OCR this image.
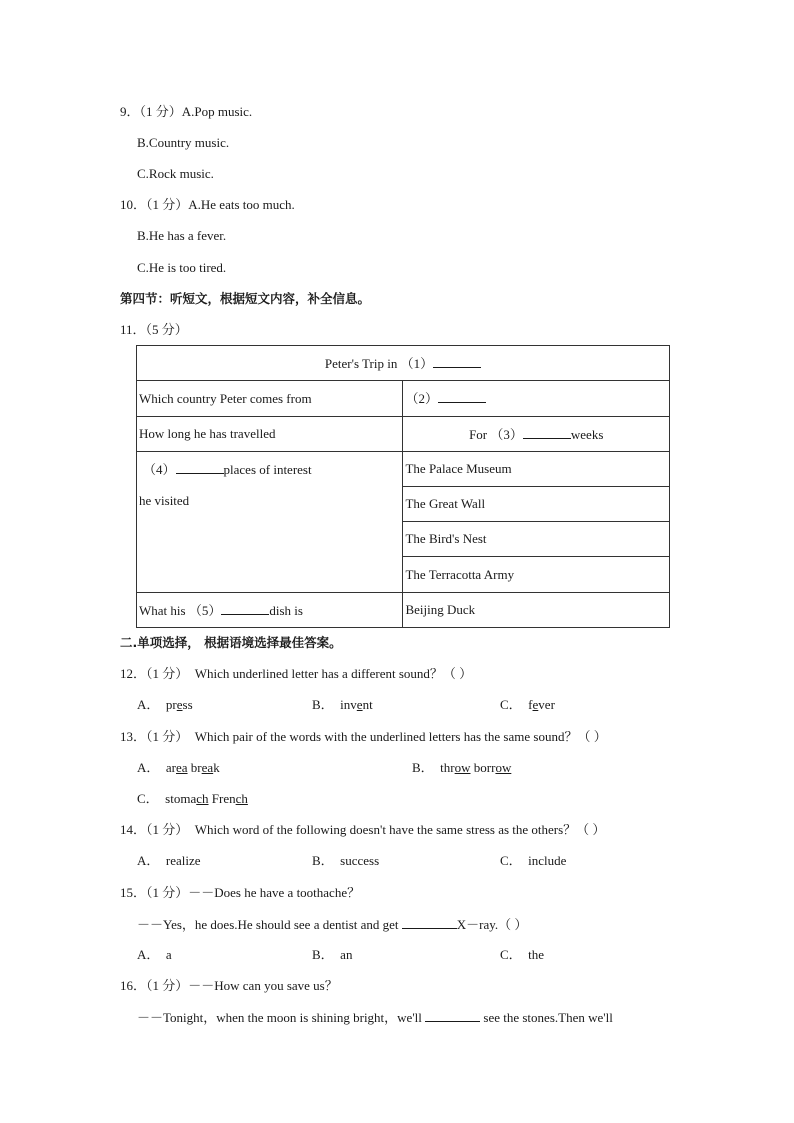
9．（1 分）A.Pop music.
B.Country music.
C.Rock music.
10．（1 分）A.He eats too much.
B.He has a fever.
C.He is too tired.
第四节：听短文，根据短文内容，补全信息。
11．（5 分）
Peter's Trip in （1）	
Which country Peter comes from	（2）
How long he has travelled	For （3） weeks

（4） places of interest
he visited	The Palace Museum
	The Great Wall
	The Bird's Nest
	The Terracotta Army
What his （5） dish is	Beijing Duck
二.单项选择， 根据语境选择最佳答案。
12．（1 分） Which underlined letter has a different sound？（ ）
A． press	B． invent	C． fever
13．（1 分） Which pair of the words with the underlined letters has the same sound？（ ）
A． area break	B． throw borrow
C． stomach French
14．（1 分） Which word of the following doesn't have the same stress as the others？（ ）
A． realize	B． success	C． include
15．（1 分）－－Does he have a toothache？
－－Yes，he does.He should see a dentist and get	X－ray.（ ）
A． a	B． an	C． the
16．（1 分）－－How can you save us？
－－Tonight，when the moon is shining bright，we'll	see the stones.Then we'll
